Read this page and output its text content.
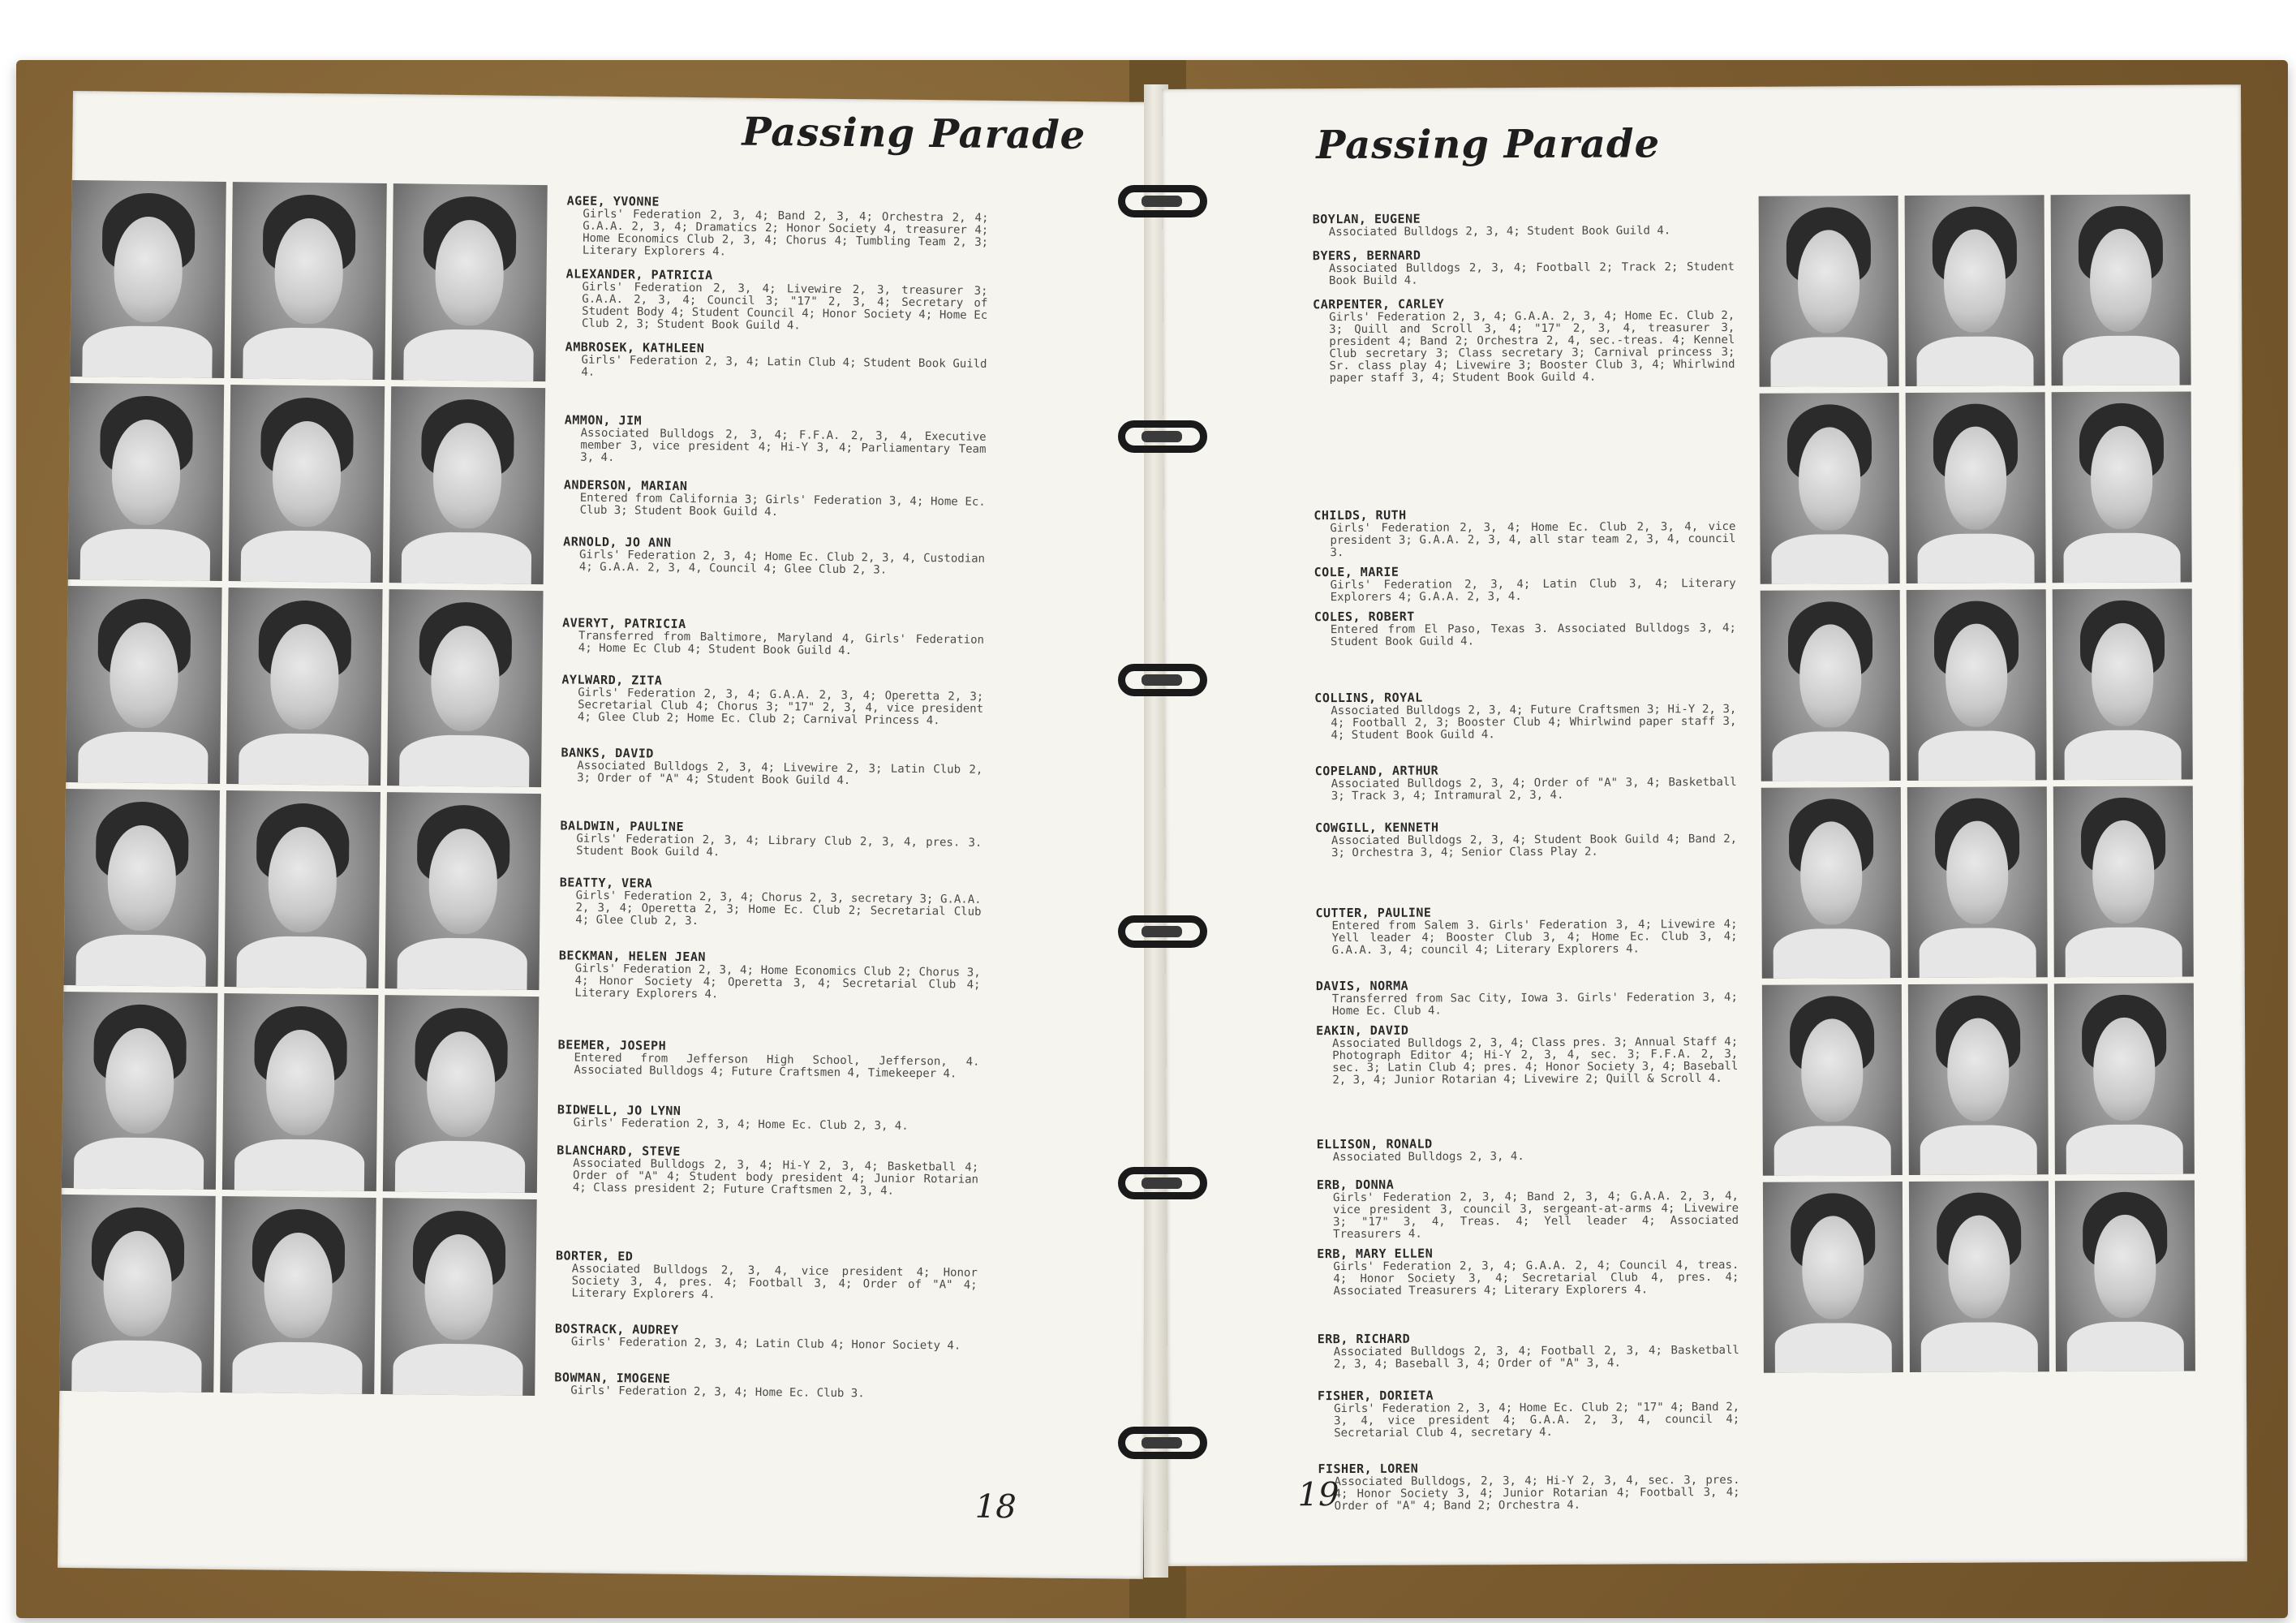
Passing Parade
AGEE, YVONNE
Girls' Federation 2, 3, 4; Band 2, 3, 4; Orchestra 2, 4; G.A.A. 2, 3, 4; Dramatics 2; Honor Society 4, treasurer 4; Home Economics Club 2, 3, 4; Chorus 4; Tumbling Team 2, 3; Literary Explorers 4.
ALEXANDER, PATRICIA
Girls' Federation 2, 3, 4; Livewire 2, 3, treasurer 3; G.A.A. 2, 3, 4; Council 3; "17" 2, 3, 4; Secretary of Student Body 4; Student Council 4; Honor Society 4; Home Ec Club 2, 3; Student Book Guild 4.
AMBROSEK, KATHLEEN
Girls' Federation 2, 3, 4; Latin Club 4; Student Book Guild 4.
AMMON, JIM
Associated Bulldogs 2, 3, 4; F.F.A. 2, 3, 4, Executive member 3, vice president 4; Hi-Y 3, 4; Parliamentary Team 3, 4.
ANDERSON, MARIAN
Entered from California 3; Girls' Federation 3, 4; Home Ec. Club 3; Student Book Guild 4.
ARNOLD, JO ANN
Girls' Federation 2, 3, 4; Home Ec. Club 2, 3, 4, Custodian 4; G.A.A. 2, 3, 4, Council 4; Glee Club 2, 3.
AVERYT, PATRICIA
Transferred from Baltimore, Maryland 4, Girls' Federation 4; Home Ec Club 4; Student Book Guild 4.
AYLWARD, ZITA
Girls' Federation 2, 3, 4; G.A.A. 2, 3, 4; Operetta 2, 3; Secretarial Club 4; Chorus 3; "17" 2, 3, 4, vice president 4; Glee Club 2; Home Ec. Club 2; Carnival Princess 4.
BANKS, DAVID
Associated Bulldogs 2, 3, 4; Livewire 2, 3; Latin Club 2, 3; Order of "A" 4; Student Book Guild 4.
BALDWIN, PAULINE
Girls' Federation 2, 3, 4; Library Club 2, 3, 4, pres. 3. Student Book Guild 4.
BEATTY, VERA
Girls' Federation 2, 3, 4; Chorus 2, 3, secretary 3; G.A.A. 2, 3, 4; Operetta 2, 3; Home Ec. Club 2; Secretarial Club 4; Glee Club 2, 3.
BECKMAN, HELEN JEAN
Girls' Federation 2, 3, 4; Home Economics Club 2; Chorus 3, 4; Honor Society 4; Operetta 3, 4; Secretarial Club 4; Literary Explorers 4.
BEEMER, JOSEPH
Entered from Jefferson High School, Jefferson, 4. Associated Bulldogs 4; Future Craftsmen 4, Timekeeper 4.
BIDWELL, JO LYNN
Girls' Federation 2, 3, 4; Home Ec. Club 2, 3, 4.
BLANCHARD, STEVE
Associated Bulldogs 2, 3, 4; Hi-Y 2, 3, 4; Basketball 4; Order of "A" 4; Student body president 4; Junior Rotarian 4; Class president 2; Future Craftsmen 2, 3, 4.
BORTER, ED
Associated Bulldogs 2, 3, 4, vice president 4; Honor Society 3, 4, pres. 4; Football 3, 4; Order of "A" 4; Literary Explorers 4.
BOSTRACK, AUDREY
Girls' Federation 2, 3, 4; Latin Club 4; Honor Society 4.
BOWMAN, IMOGENE
Girls' Federation 2, 3, 4; Home Ec. Club 3.
18
Passing Parade
BOYLAN, EUGENE
Associated Bulldogs 2, 3, 4; Student Book Guild 4.
BYERS, BERNARD
Associated Bulldogs 2, 3, 4; Football 2; Track 2; Student Book Build 4.
CARPENTER, CARLEY
Girls' Federation 2, 3, 4; G.A.A. 2, 3, 4; Home Ec. Club 2, 3; Quill and Scroll 3, 4; "17" 2, 3, 4, treasurer 3, president 4; Band 2; Orchestra 2, 4, sec.-treas. 4; Kennel Club secretary 3; Class secretary 3; Carnival princess 3; Sr. class play 4; Livewire 3; Booster Club 3, 4; Whirlwind paper staff 3, 4; Student Book Guild 4.
CHILDS, RUTH
Girls' Federation 2, 3, 4; Home Ec. Club 2, 3, 4, vice president 3; G.A.A. 2, 3, 4, all star team 2, 3, 4, council 3.
COLE, MARIE
Girls' Federation 2, 3, 4; Latin Club 3, 4; Literary Explorers 4; G.A.A. 2, 3, 4.
COLES, ROBERT
Entered from El Paso, Texas 3. Associated Bulldogs 3, 4; Student Book Guild 4.
COLLINS, ROYAL
Associated Bulldogs 2, 3, 4; Future Craftsmen 3; Hi-Y 2, 3, 4; Football 2, 3; Booster Club 4; Whirlwind paper staff 3, 4; Student Book Guild 4.
COPELAND, ARTHUR
Associated Bulldogs 2, 3, 4; Order of "A" 3, 4; Basketball 3; Track 3, 4; Intramural 2, 3, 4.
COWGILL, KENNETH
Associated Bulldogs 2, 3, 4; Student Book Guild 4; Band 2, 3; Orchestra 3, 4; Senior Class Play 2.
CUTTER, PAULINE
Entered from Salem 3. Girls' Federation 3, 4; Livewire 4; Yell leader 4; Booster Club 3, 4; Home Ec. Club 3, 4; G.A.A. 3, 4; council 4; Literary Explorers 4.
DAVIS, NORMA
Transferred from Sac City, Iowa 3. Girls' Federation 3, 4; Home Ec. Club 4.
EAKIN, DAVID
Associated Bulldogs 2, 3, 4; Class pres. 3; Annual Staff 4; Photograph Editor 4; Hi-Y 2, 3, 4, sec. 3; F.F.A. 2, 3, sec. 3; Latin Club 4; pres. 4; Honor Society 3, 4; Baseball 2, 3, 4; Junior Rotarian 4; Livewire 2; Quill & Scroll 4.
ELLISON, RONALD
Associated Bulldogs 2, 3, 4.
ERB, DONNA
Girls' Federation 2, 3, 4; Band 2, 3, 4; G.A.A. 2, 3, 4, vice president 3, council 3, sergeant-at-arms 4; Livewire 3; "17" 3, 4, Treas. 4; Yell leader 4; Associated Treasurers 4.
ERB, MARY ELLEN
Girls' Federation 2, 3, 4; G.A.A. 2, 4; Council 4, treas. 4; Honor Society 3, 4; Secretarial Club 4, pres. 4; Associated Treasurers 4; Literary Explorers 4.
ERB, RICHARD
Associated Bulldogs 2, 3, 4; Football 2, 3, 4; Basketball 2, 3, 4; Baseball 3, 4; Order of "A" 3, 4.
FISHER, DORIETA
Girls' Federation 2, 3, 4; Home Ec. Club 2; "17" 4; Band 2, 3, 4, vice president 4; G.A.A. 2, 3, 4, council 4; Secretarial Club 4, secretary 4.
FISHER, LOREN
Associated Bulldogs, 2, 3, 4; Hi-Y 2, 3, 4, sec. 3, pres. 4; Honor Society 3, 4; Junior Rotarian 4; Football 3, 4; Order of "A" 4; Band 2; Orchestra 4.
19
